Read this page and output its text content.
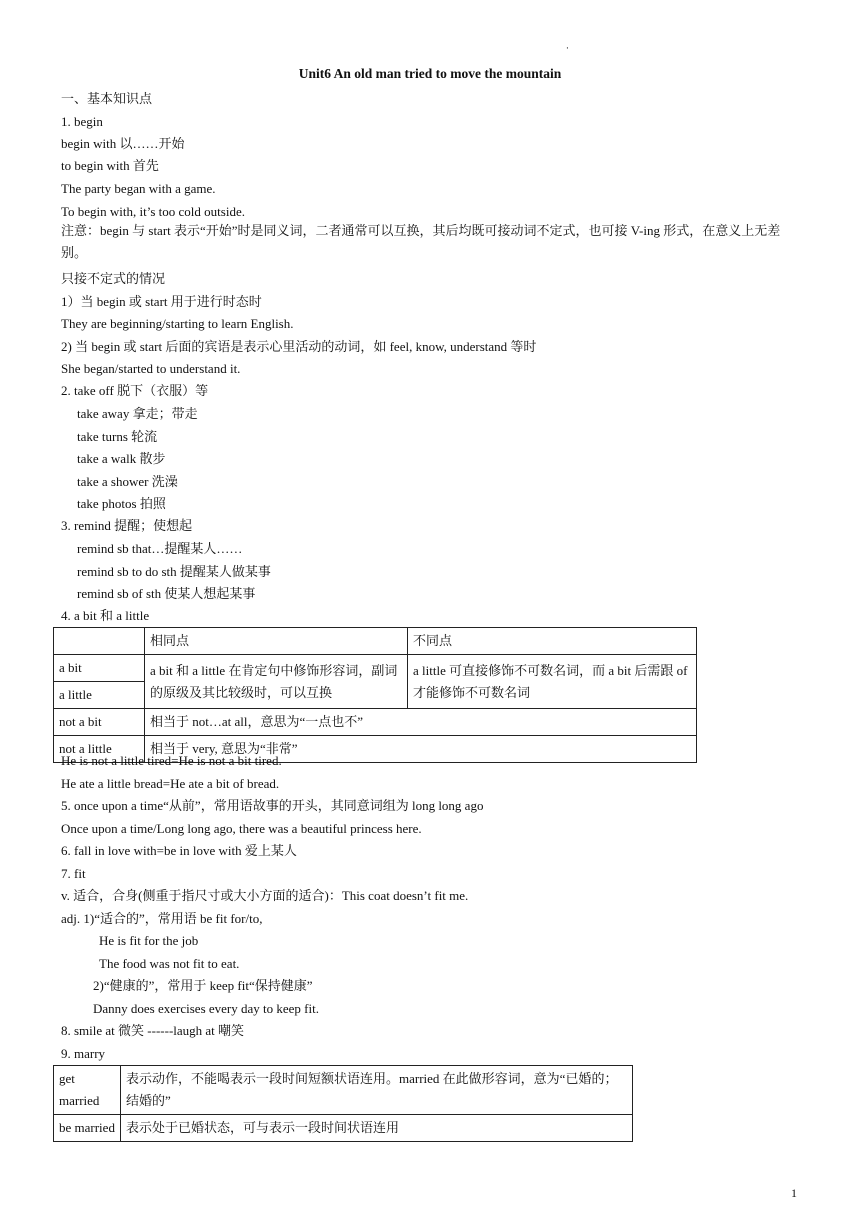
·
Unit6 An old man tried to move the mountain
一、基本知识点
1. begin
begin with 以……开始
to begin with 首先
The party began with a game.
To begin with, it’s too cold outside.
注意：begin 与 start 表示“开始”时是同义词，二者通常可以互换，其后均既可接动词不定式，也可接 V-ing 形式，在意义上无差别。
只接不定式的情况
1）当 begin 或 start 用于进行时态时
They are beginning/starting to learn English.
2) 当 begin 或 start 后面的宾语是表示心里活动的动词，如 feel, know, understand 等时
She began/started to understand it.
2. take off 脱下（衣服）等
take away 拿走；带走
take turns 轮流
take a walk 散步
take a shower 洗澡
take photos 拍照
3. remind 提醒；使想起
remind sb that…提醒某人……
remind sb to do sth 提醒某人做某事
remind sb of sth 使某人想起某事
4. a bit 和 a little
	相同点	不同点
a bit	a bit 和 a little 在肯定句中修饰形容词，副词的原级及其比较级时，可以互换	a little 可直接修饰不可数名词，而 a bit 后需跟 of 才能修饰不可数名词
a little		
not a bit	相当于 not…at all，意思为“一点也不”	
not a little	相当于 very, 意思为“非常”	
He is not a little tired=He is not a bit tired.
He ate a little bread=He ate a bit of bread.
5. once upon a time“从前”，常用语故事的开头，其同意词组为 long long ago
Once upon a time/Long long ago, there was a beautiful princess here.
6. fall in love with=be in love with 爱上某人
7. fit
v. 适合，合身(侧重于指尺寸或大小方面的适合)：This coat doesn’t fit me.
adj. 1)“适合的”，常用语 be fit for/to,
He is fit for the job
The food was not fit to eat.
2)“健康的”，常用于 keep fit“保持健康”
Danny does exercises every day to keep fit.
8. smile at 微笑 ------laugh at 嘲笑
9. marry
get married	表示动作，不能喝表示一段时间短额状语连用。married 在此做形容词，意为“已婚的；结婚的”
be married	表示处于已婚状态，可与表示一段时间状语连用
1
